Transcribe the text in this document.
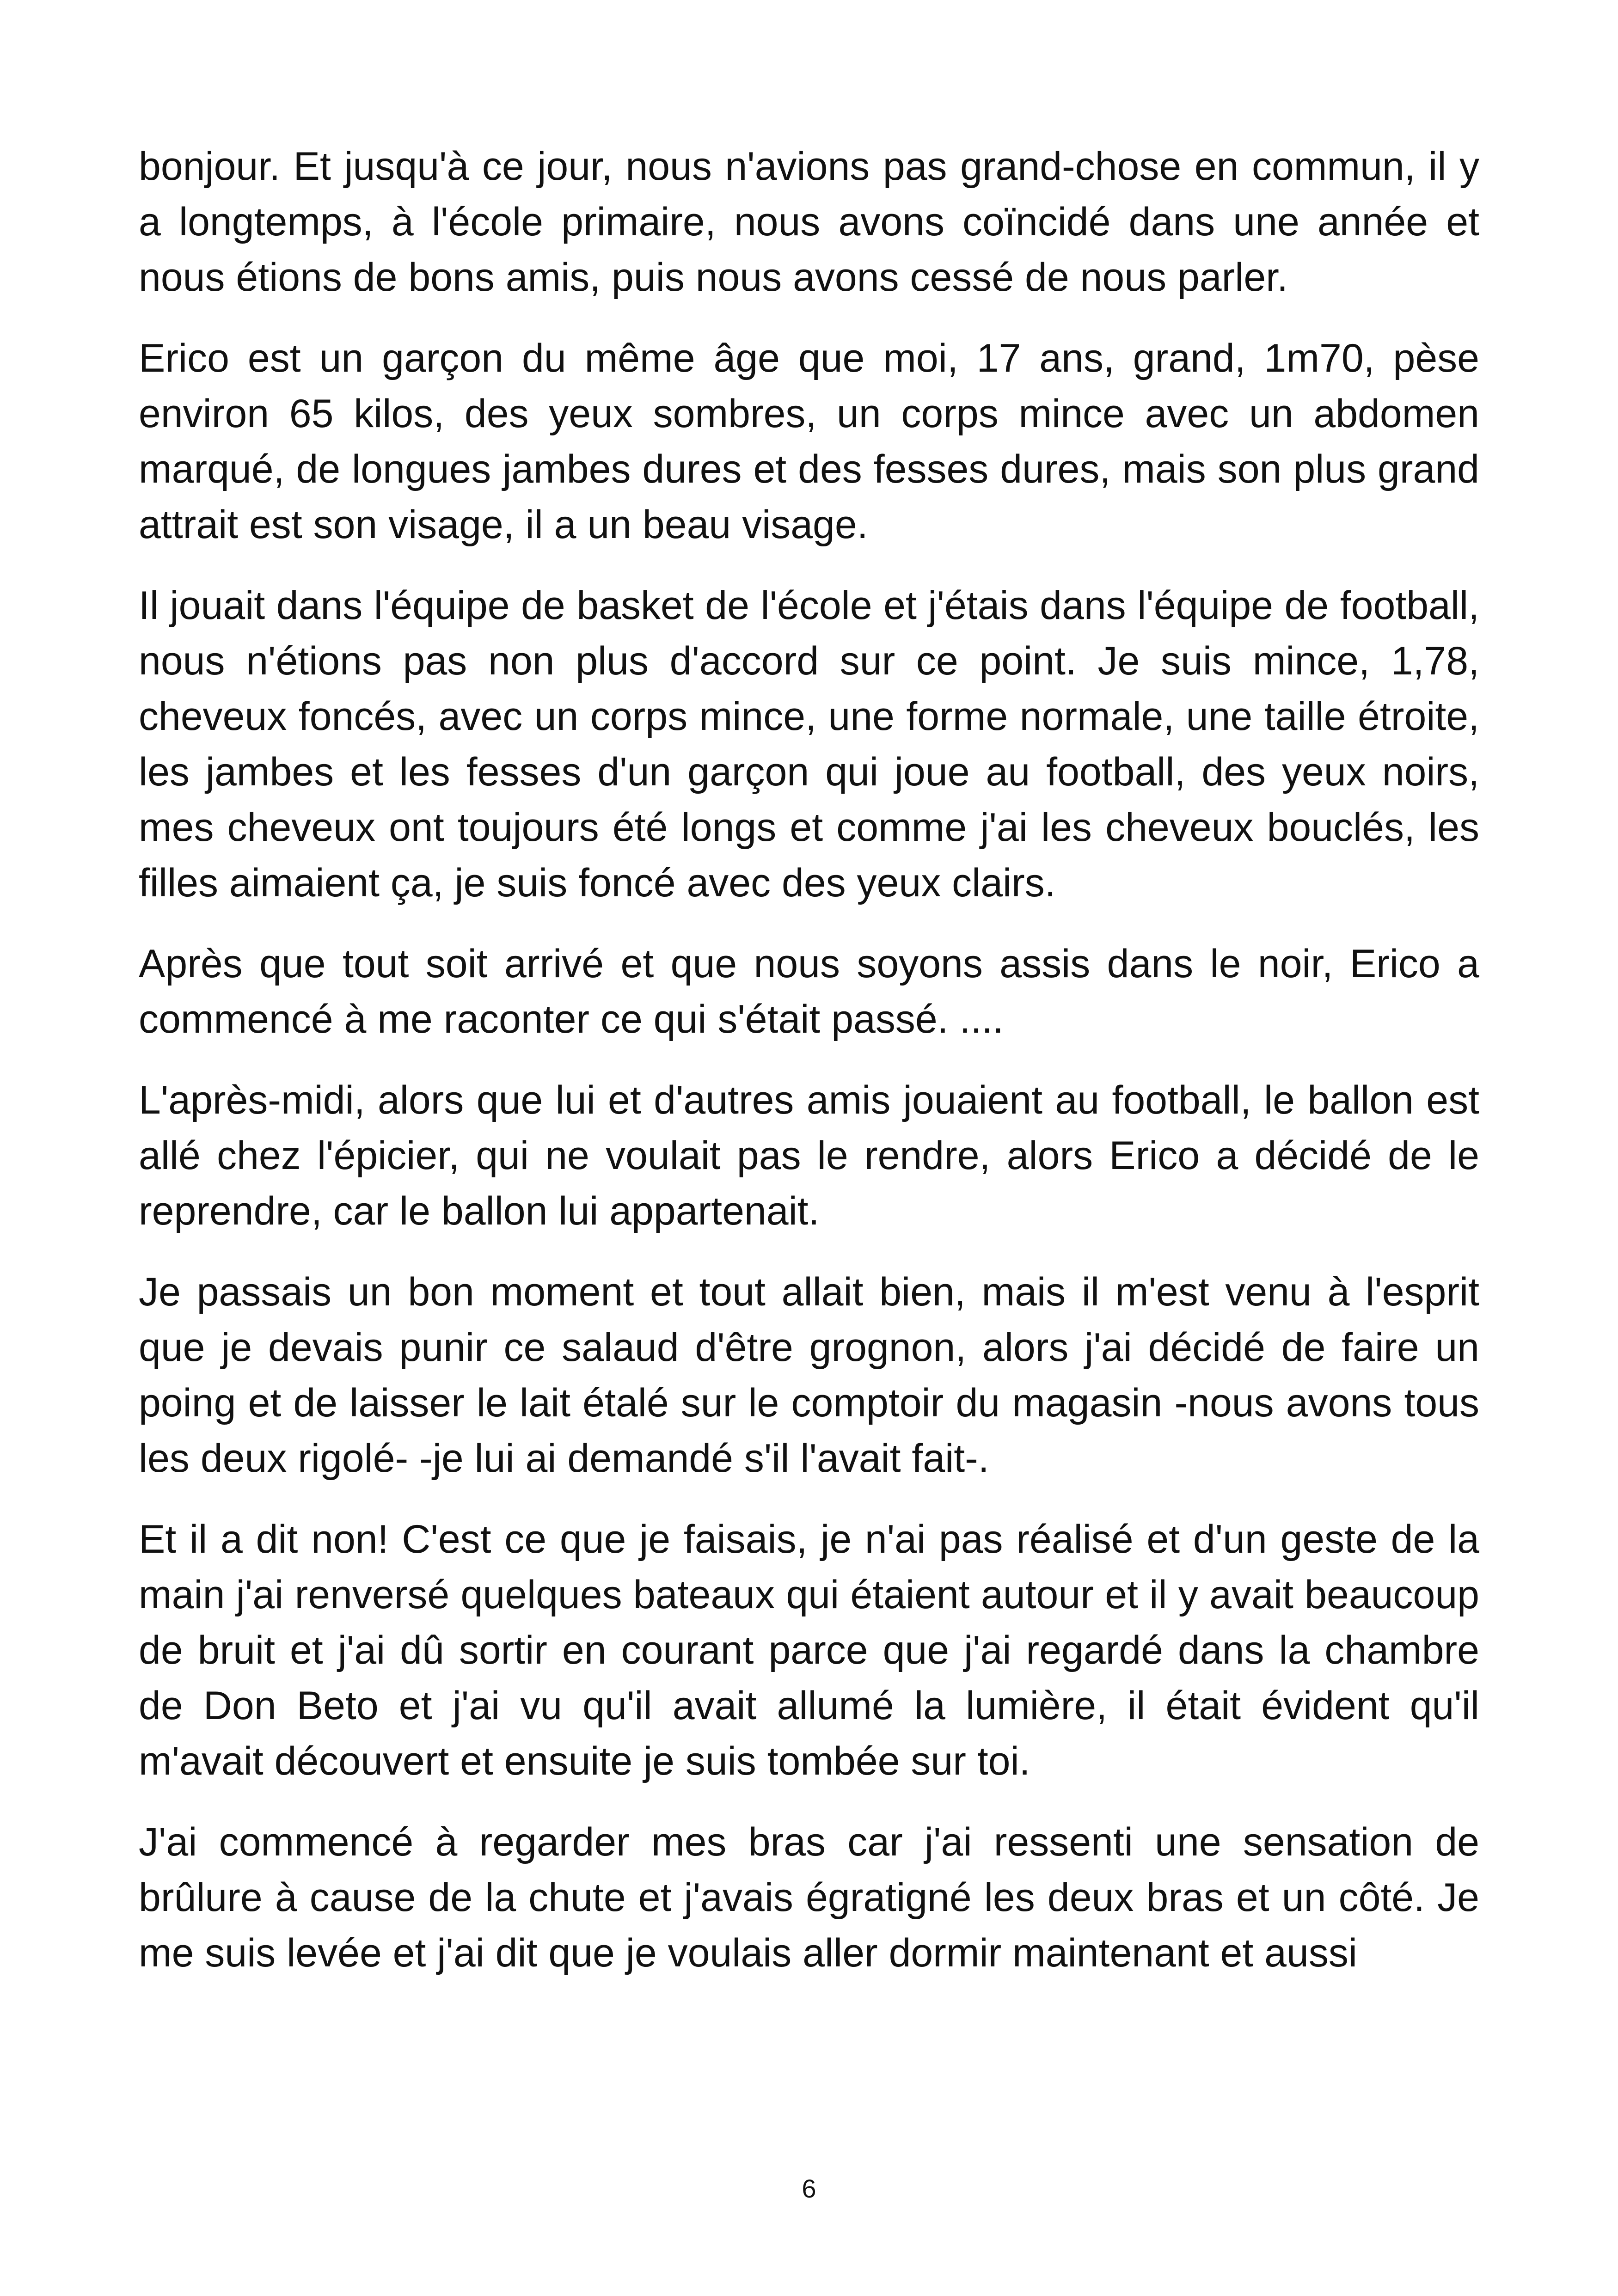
bonjour. Et jusqu'à ce jour, nous n'avions pas grand-chose en commun, il y a longtemps, à l'école primaire, nous avons coïncidé dans une année et nous étions de bons amis, puis nous avons cessé de nous parler.

Erico est un garçon du même âge que moi, 17 ans, grand, 1m70, pèse environ 65 kilos, des yeux sombres, un corps mince avec un abdomen marqué, de longues jambes dures et des fesses dures, mais son plus grand attrait est son visage, il a un beau visage.

Il jouait dans l'équipe de basket de l'école et j'étais dans l'équipe de football, nous n'étions pas non plus d'accord sur ce point. Je suis mince, 1,78, cheveux foncés, avec un corps mince, une forme normale, une taille étroite, les jambes et les fesses d'un garçon qui joue au football, des yeux noirs, mes cheveux ont toujours été longs et comme j'ai les cheveux bouclés, les filles aimaient ça, je suis foncé avec des yeux clairs.

Après que tout soit arrivé et que nous soyons assis dans le noir, Erico a commencé à me raconter ce qui s'était passé. ....

L'après-midi, alors que lui et d'autres amis jouaient au football, le ballon est allé chez l'épicier, qui ne voulait pas le rendre, alors Erico a décidé de le reprendre, car le ballon lui appartenait.

Je passais un bon moment et tout allait bien, mais il m'est venu à l'esprit que je devais punir ce salaud d'être grognon, alors j'ai décidé de faire un poing et de laisser le lait étalé sur le comptoir du magasin -nous avons tous les deux rigolé- -je lui ai demandé s'il l'avait fait-.

Et il a dit non! C'est ce que je faisais, je n'ai pas réalisé et d'un geste de la main j'ai renversé quelques bateaux qui étaient autour et il y avait beaucoup de bruit et j'ai dû sortir en courant parce que j'ai regardé dans la chambre de Don Beto et j'ai vu qu'il avait allumé la lumière, il était évident qu'il m'avait découvert et ensuite je suis tombée sur toi.

J'ai commencé à regarder mes bras car j'ai ressenti une sensation de brûlure à cause de la chute et j'avais égratigné les deux bras et un côté. Je me suis levée et j'ai dit que je voulais aller dormir maintenant et aussi

6
